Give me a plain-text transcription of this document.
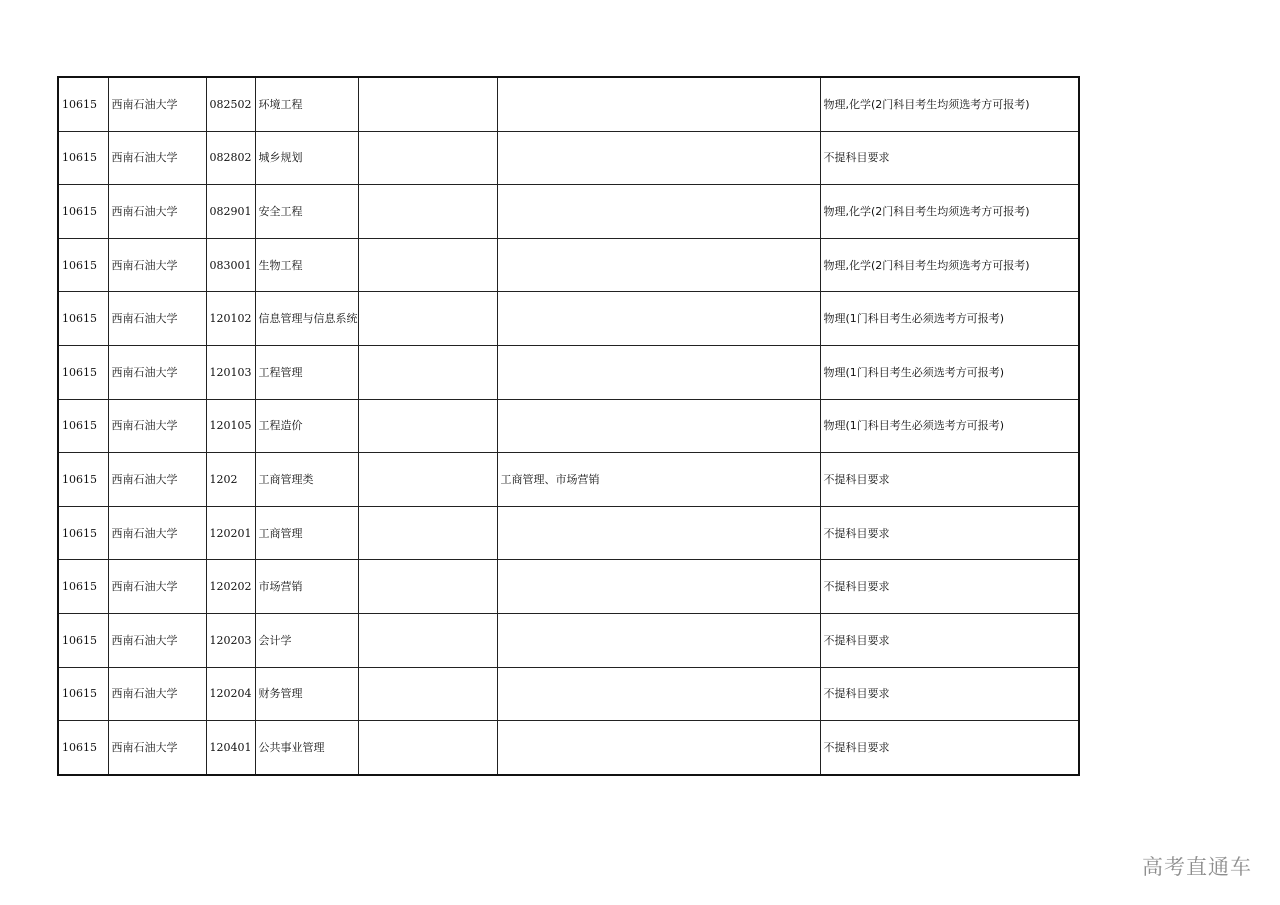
10615	西南石油大学	082502	环境工程			物理,化学(2门科目考生均须选考方可报考)
10615	西南石油大学	082802	城乡规划			不提科目要求
10615	西南石油大学	082901	安全工程			物理,化学(2门科目考生均须选考方可报考)
10615	西南石油大学	083001	生物工程			物理,化学(2门科目考生均须选考方可报考)
10615	西南石油大学	120102	信息管理与信息系统			物理(1门科目考生必须选考方可报考)
10615	西南石油大学	120103	工程管理			物理(1门科目考生必须选考方可报考)
10615	西南石油大学	120105	工程造价			物理(1门科目考生必须选考方可报考)
10615	西南石油大学	1202	工商管理类		工商管理、市场营销	不提科目要求
10615	西南石油大学	120201	工商管理			不提科目要求
10615	西南石油大学	120202	市场营销			不提科目要求
10615	西南石油大学	120203	会计学			不提科目要求
10615	西南石油大学	120204	财务管理			不提科目要求
10615	西南石油大学	120401	公共事业管理			不提科目要求
高考直通车
